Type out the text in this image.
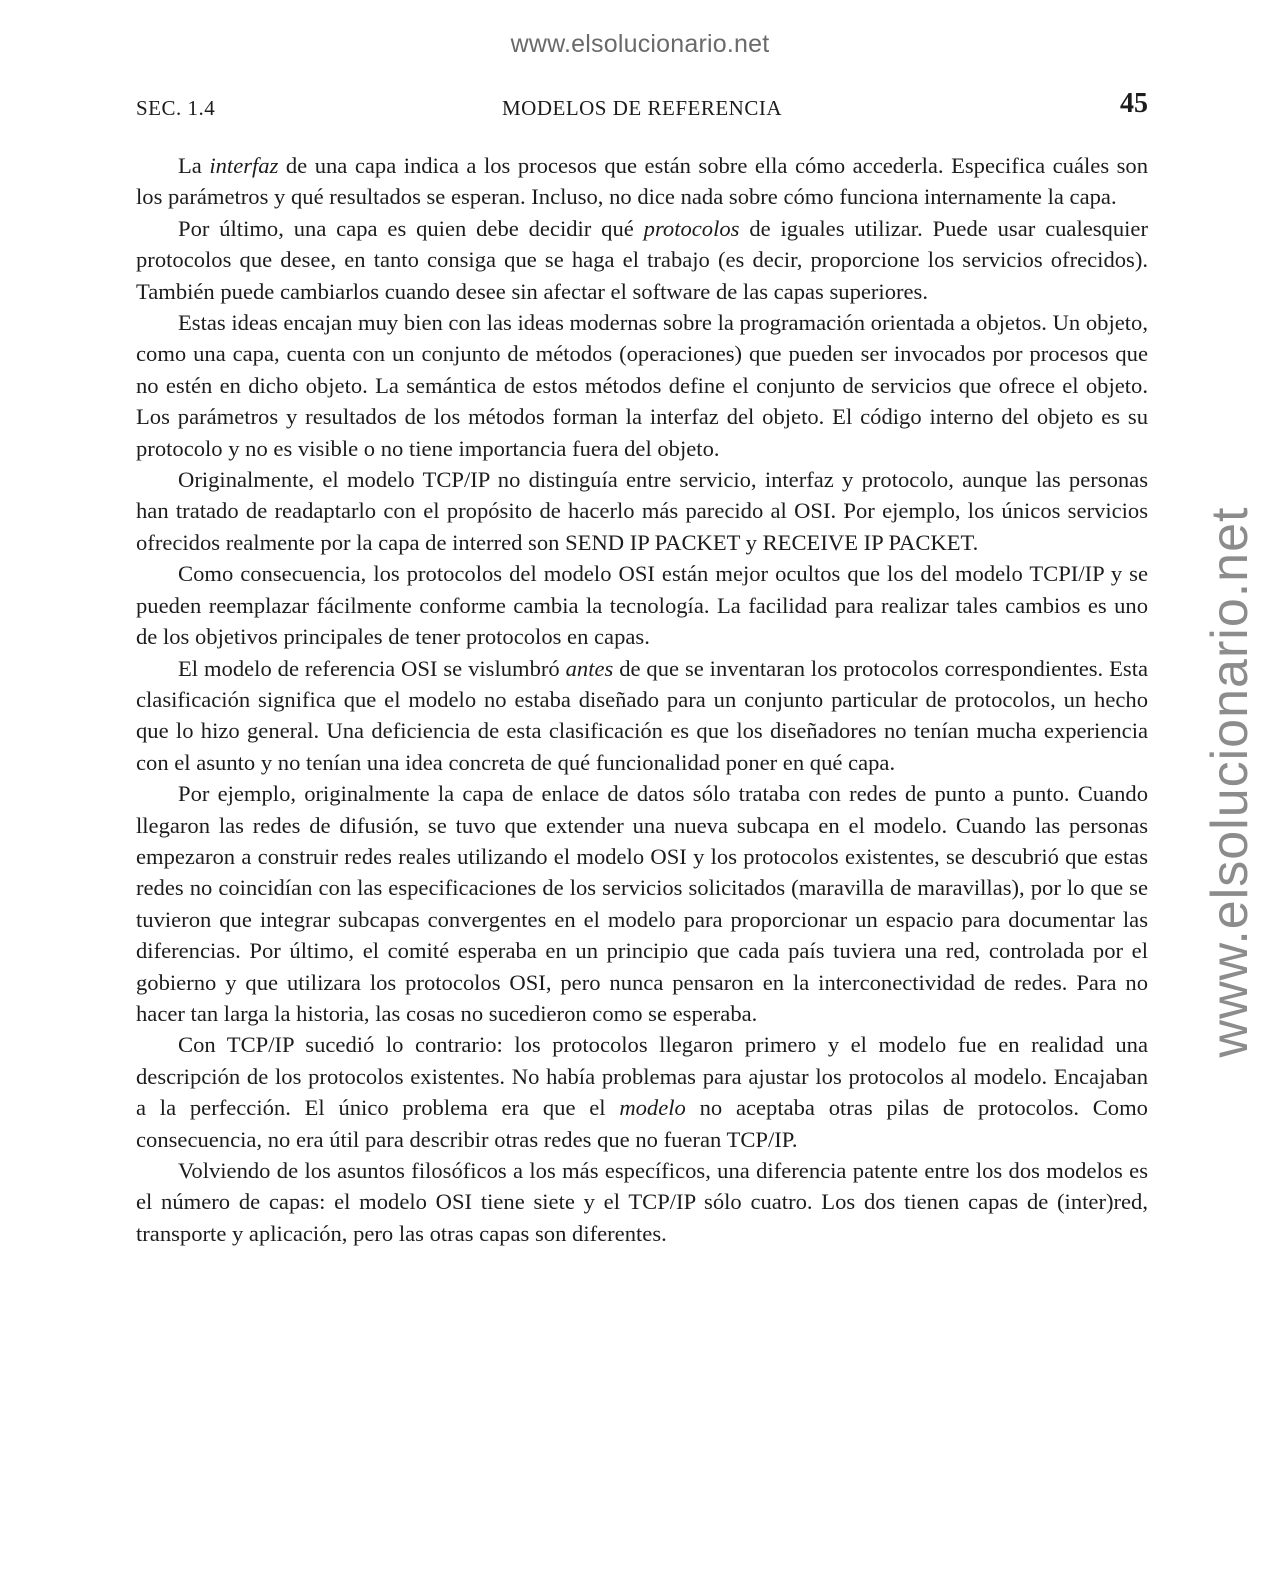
www.elsolucionario.net
www.elsolucionario.net
SEC. 1.4	MODELOS DE REFERENCIA	45

La interfaz de una capa indica a los procesos que están sobre ella cómo accederla. Especifica cuáles son los parámetros y qué resultados se esperan. Incluso, no dice nada sobre cómo funciona internamente la capa.

Por último, una capa es quien debe decidir qué protocolos de iguales utilizar. Puede usar cualesquier protocolos que desee, en tanto consiga que se haga el trabajo (es decir, proporcione los servicios ofrecidos). También puede cambiarlos cuando desee sin afectar el software de las capas superiores.

Estas ideas encajan muy bien con las ideas modernas sobre la programación orientada a objetos. Un objeto, como una capa, cuenta con un conjunto de métodos (operaciones) que pueden ser invocados por procesos que no estén en dicho objeto. La semántica de estos métodos define el conjunto de servicios que ofrece el objeto. Los parámetros y resultados de los métodos forman la interfaz del objeto. El código interno del objeto es su protocolo y no es visible o no tiene importancia fuera del objeto.

Originalmente, el modelo TCP/IP no distinguía entre servicio, interfaz y protocolo, aunque las personas han tratado de readaptarlo con el propósito de hacerlo más parecido al OSI. Por ejemplo, los únicos servicios ofrecidos realmente por la capa de interred son SEND IP PACKET y RECEIVE IP PACKET.

Como consecuencia, los protocolos del modelo OSI están mejor ocultos que los del modelo TCPI/IP y se pueden reemplazar fácilmente conforme cambia la tecnología. La facilidad para realizar tales cambios es uno de los objetivos principales de tener protocolos en capas.

El modelo de referencia OSI se vislumbró antes de que se inventaran los protocolos correspondientes. Esta clasificación significa que el modelo no estaba diseñado para un conjunto particular de protocolos, un hecho que lo hizo general. Una deficiencia de esta clasificación es que los diseñadores no tenían mucha experiencia con el asunto y no tenían una idea concreta de qué funcionalidad poner en qué capa.

Por ejemplo, originalmente la capa de enlace de datos sólo trataba con redes de punto a punto. Cuando llegaron las redes de difusión, se tuvo que extender una nueva subcapa en el modelo. Cuando las personas empezaron a construir redes reales utilizando el modelo OSI y los protocolos existentes, se descubrió que estas redes no coincidían con las especificaciones de los servicios solicitados (maravilla de maravillas), por lo que se tuvieron que integrar subcapas convergentes en el modelo para proporcionar un espacio para documentar las diferencias. Por último, el comité esperaba en un principio que cada país tuviera una red, controlada por el gobierno y que utilizara los protocolos OSI, pero nunca pensaron en la interconectividad de redes. Para no hacer tan larga la historia, las cosas no sucedieron como se esperaba.

Con TCP/IP sucedió lo contrario: los protocolos llegaron primero y el modelo fue en realidad una descripción de los protocolos existentes. No había problemas para ajustar los protocolos al modelo. Encajaban a la perfección. El único problema era que el modelo no aceptaba otras pilas de protocolos. Como consecuencia, no era útil para describir otras redes que no fueran TCP/IP.

Volviendo de los asuntos filosóficos a los más específicos, una diferencia patente entre los dos modelos es el número de capas: el modelo OSI tiene siete y el TCP/IP sólo cuatro. Los dos tienen capas de (inter)red, transporte y aplicación, pero las otras capas son diferentes.
